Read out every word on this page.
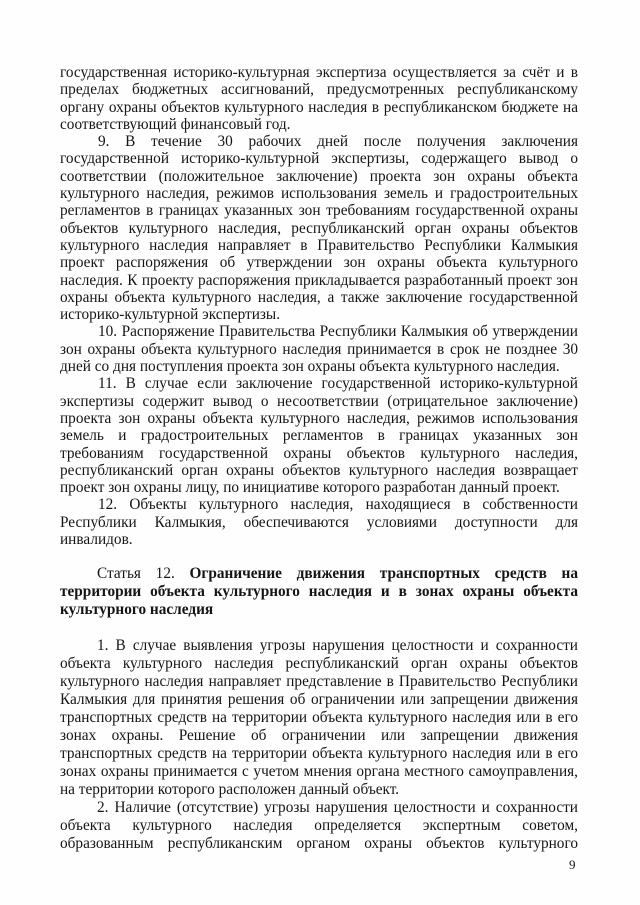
государственная историко-культурная экспертиза осуществляется за счёт и в пределах бюджетных ассигнований, предусмотренных республиканскому органу охраны объектов культурного наследия в республиканском бюджете на соответствующий финансовый год.

9. В течение 30 рабочих дней после получения заключения государственной историко-культурной экспертизы, содержащего вывод о соответствии (положительное заключение) проекта зон охраны объекта культурного наследия, режимов использования земель и градостроительных регламентов в границах указанных зон требованиям государственной охраны объектов культурного наследия, республиканский орган охраны объектов культурного наследия направляет в Правительство Республики Калмыкия проект распоряжения об утверждении зон охраны объекта культурного наследия. К проекту распоряжения прикладывается разработанный проект зон охраны объекта культурного наследия, а также заключение государственной историко-культурной экспертизы.

10. Распоряжение Правительства Республики Калмыкия об утверждении зон охраны объекта культурного наследия принимается в срок не позднее 30 дней со дня поступления проекта зон охраны объекта культурного наследия.

11. В случае если заключение государственной историко-культурной экспертизы содержит вывод о несоответствии (отрицательное заключение) проекта зон охраны объекта культурного наследия, режимов использования земель и градостроительных регламентов в границах указанных зон требованиям государственной охраны объектов культурного наследия, республиканский орган охраны объектов культурного наследия возвращает проект зон охраны лицу, по инициативе которого разработан данный проект.

12. Объекты культурного наследия, находящиеся в собственности Республики Калмыкия, обеспечиваются условиями доступности для инвалидов.

Статья 12. Ограничение движения транспортных средств на территории объекта культурного наследия и в зонах охраны объекта культурного наследия

1. В случае выявления угрозы нарушения целостности и сохранности объекта культурного наследия республиканский орган охраны объектов культурного наследия направляет представление в Правительство Республики Калмыкия для принятия решения об ограничении или запрещении движения транспортных средств на территории объекта культурного наследия или в его зонах охраны. Решение об ограничении или запрещении движения транспортных средств на территории объекта культурного наследия или в его зонах охраны принимается с учетом мнения органа местного самоуправления, на территории которого расположен данный объект.

2. Наличие (отсутствие) угрозы нарушения целостности и сохранности объекта культурного наследия определяется экспертным советом, образованным республиканским органом охраны объектов культурного

9
